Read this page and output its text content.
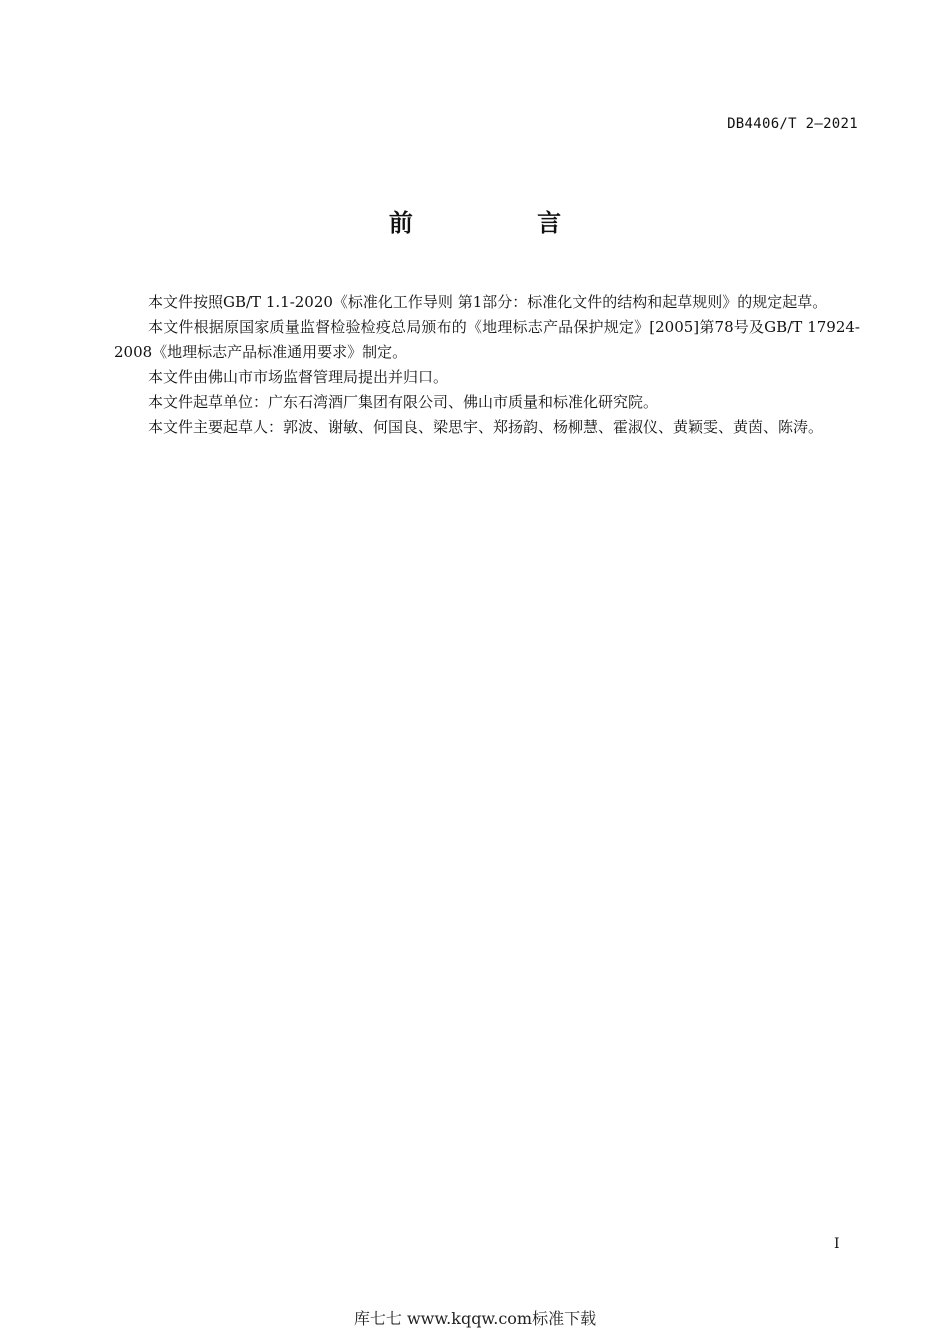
DB4406/T 2—2021
前 言

本文件按照GB/T 1.1-2020《标准化工作导则 第1部分：标准化文件的结构和起草规则》的规定起草。

本文件根据原国家质量监督检验检疫总局颁布的《地理标志产品保护规定》[2005]第78号及GB/T 17924-2008《地理标志产品标准通用要求》制定。

本文件由佛山市市场监督管理局提出并归口。

本文件起草单位：广东石湾酒厂集团有限公司、佛山市质量和标准化研究院。

本文件主要起草人：郭波、谢敏、何国良、梁思宇、郑扬韵、杨柳慧、霍淑仪、黄颖雯、黄茵、陈涛。

I
库七七 www.kqqw.com标准下载
